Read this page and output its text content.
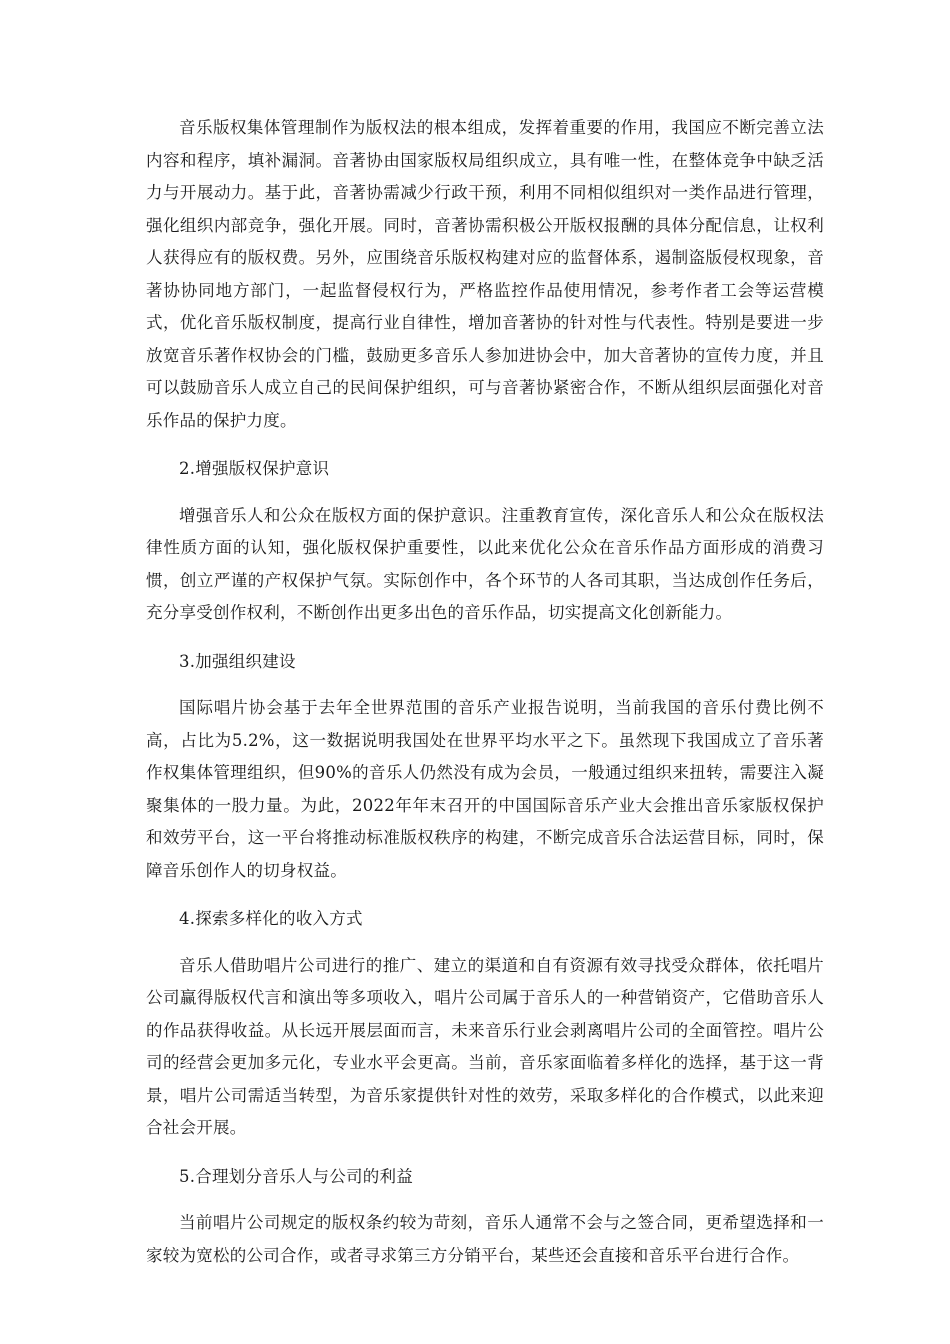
音乐版权集体管理制作为版权法的根本组成，发挥着重要的作用，我国应不断完善立法内容和程序，填补漏洞。音著协由国家版权局组织成立，具有唯一性，在整体竞争中缺乏活力与开展动力。基于此，音著协需减少行政干预，利用不同相似组织对一类作品进行管理，强化组织内部竞争，强化开展。同时，音著协需积极公开版权报酬的具体分配信息，让权利人获得应有的版权费。另外，应围绕音乐版权构建对应的监督体系，遏制盗版侵权现象，音著协协同地方部门，一起监督侵权行为，严格监控作品使用情况，参考作者工会等运营模式，优化音乐版权制度，提高行业自律性，增加音著协的针对性与代表性。特别是要进一步放宽音乐著作权协会的门槛，鼓励更多音乐人参加进协会中，加大音著协的宣传力度，并且可以鼓励音乐人成立自己的民间保护组织，可与音著协紧密合作，不断从组织层面强化对音乐作品的保护力度。

2.增强版权保护意识

增强音乐人和公众在版权方面的保护意识。注重教育宣传，深化音乐人和公众在版权法律性质方面的认知，强化版权保护重要性，以此来优化公众在音乐作品方面形成的消费习惯，创立严谨的产权保护气氛。实际创作中，各个环节的人各司其职，当达成创作任务后，充分享受创作权利，不断创作出更多出色的音乐作品，切实提高文化创新能力。

3.加强组织建设

国际唱片协会基于去年全世界范围的音乐产业报告说明，当前我国的音乐付费比例不高，占比为5.2%，这一数据说明我国处在世界平均水平之下。虽然现下我国成立了音乐著作权集体管理组织，但90%的音乐人仍然没有成为会员，一般通过组织来扭转，需要注入凝聚集体的一股力量。为此，2022年年末召开的中国国际音乐产业大会推出音乐家版权保护和效劳平台，这一平台将推动标准版权秩序的构建，不断完成音乐合法运营目标，同时，保障音乐创作人的切身权益。

4.探索多样化的收入方式

音乐人借助唱片公司进行的推广、建立的渠道和自有资源有效寻找受众群体，依托唱片公司赢得版权代言和演出等多项收入，唱片公司属于音乐人的一种营销资产，它借助音乐人的作品获得收益。从长远开展层面而言，未来音乐行业会剥离唱片公司的全面管控。唱片公司的经营会更加多元化，专业水平会更高。当前，音乐家面临着多样化的选择，基于这一背景，唱片公司需适当转型，为音乐家提供针对性的效劳，采取多样化的合作模式，以此来迎合社会开展。

5.合理划分音乐人与公司的利益

当前唱片公司规定的版权条约较为苛刻，音乐人通常不会与之签合同，更希望选择和一家较为宽松的公司合作，或者寻求第三方分销平台，某些还会直接和音乐平台进行合作。
